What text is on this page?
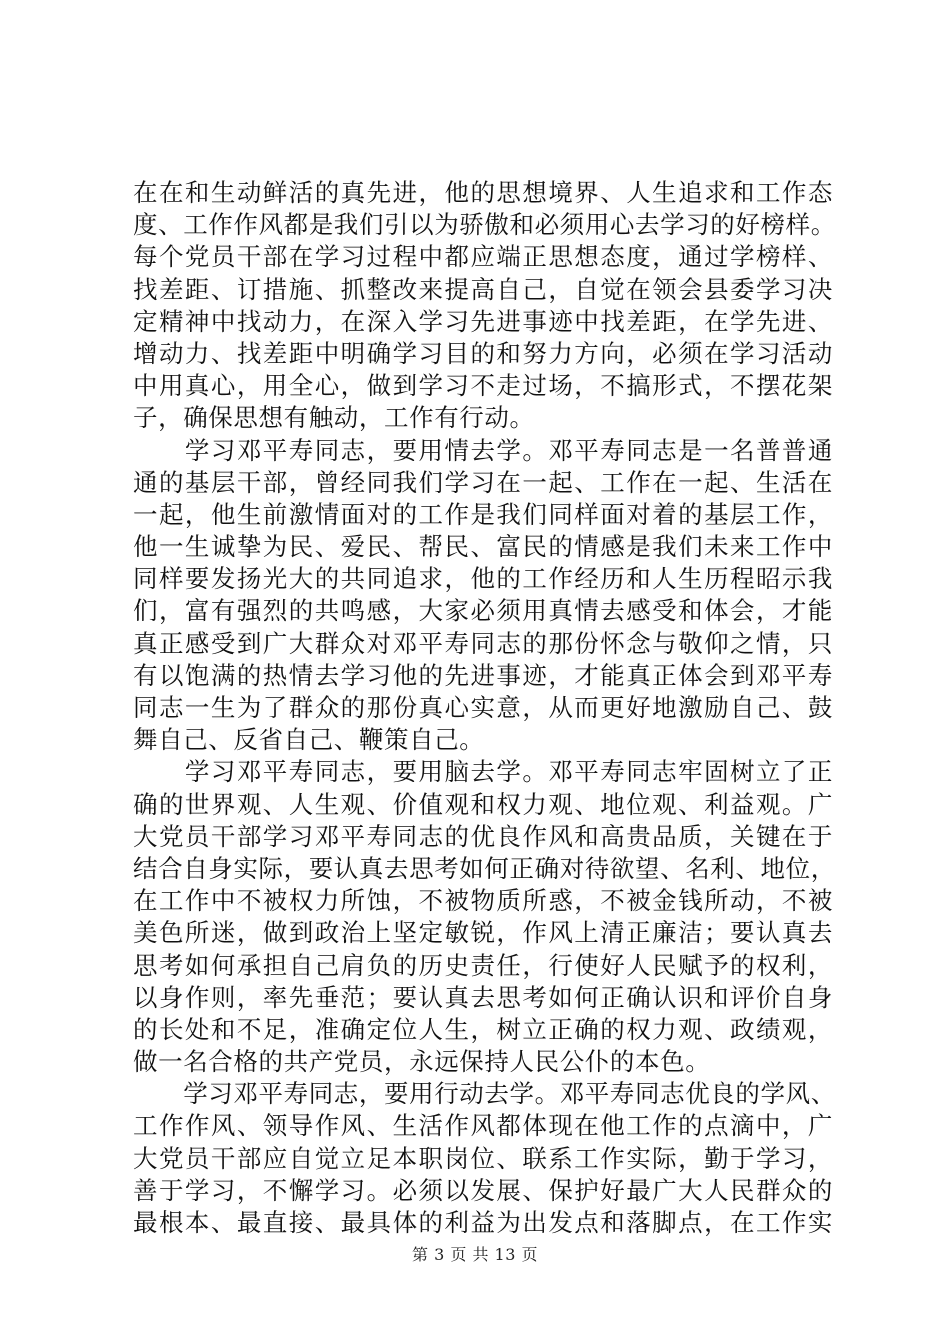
在在和生动鲜活的真先进，他的思想境界、人生追求和工作态
度、工作作风都是我们引以为骄傲和必须用心去学习的好榜样。
每个党员干部在学习过程中都应端正思想态度，通过学榜样、
找差距、订措施、抓整改来提高自己，自觉在领会县委学习决
定精神中找动力，在深入学习先进事迹中找差距，在学先进、
增动力、找差距中明确学习目的和努力方向，必须在学习活动
中用真心，用全心，做到学习不走过场，不搞形式，不摆花架
子，确保思想有触动，工作有行动。
　　学习邓平寿同志，要用情去学。邓平寿同志是一名普普通
通的基层干部，曾经同我们学习在一起、工作在一起、生活在
一起，他生前激情面对的工作是我们同样面对着的基层工作，
他一生诚挚为民、爱民、帮民、富民的情感是我们未来工作中
同样要发扬光大的共同追求，他的工作经历和人生历程昭示我
们，富有强烈的共鸣感，大家必须用真情去感受和体会，才能
真正感受到广大群众对邓平寿同志的那份怀念与敬仰之情，只
有以饱满的热情去学习他的先进事迹，才能真正体会到邓平寿
同志一生为了群众的那份真心实意，从而更好地激励自己、鼓
舞自己、反省自己、鞭策自己。
　　学习邓平寿同志，要用脑去学。邓平寿同志牢固树立了正
确的世界观、人生观、价值观和权力观、地位观、利益观。广
大党员干部学习邓平寿同志的优良作风和高贵品质，关键在于
结合自身实际，要认真去思考如何正确对待欲望、名利、地位，
在工作中不被权力所蚀，不被物质所惑，不被金钱所动，不被
美色所迷，做到政治上坚定敏锐，作风上清正廉洁；要认真去
思考如何承担自己肩负的历史责任，行使好人民赋予的权利，
以身作则，率先垂范；要认真去思考如何正确认识和评价自身
的长处和不足，准确定位人生，树立正确的权力观、政绩观，
做一名合格的共产党员，永远保持人民公仆的本色。
　　学习邓平寿同志，要用行动去学。邓平寿同志优良的学风、
工作作风、领导作风、生活作风都体现在他工作的点滴中，广
大党员干部应自觉立足本职岗位、联系工作实际，勤于学习，
善于学习，不懈学习。必须以发展、保护好最广大人民群众的
最根本、最直接、最具体的利益为出发点和落脚点，在工作实
第 3 页 共 13 页
